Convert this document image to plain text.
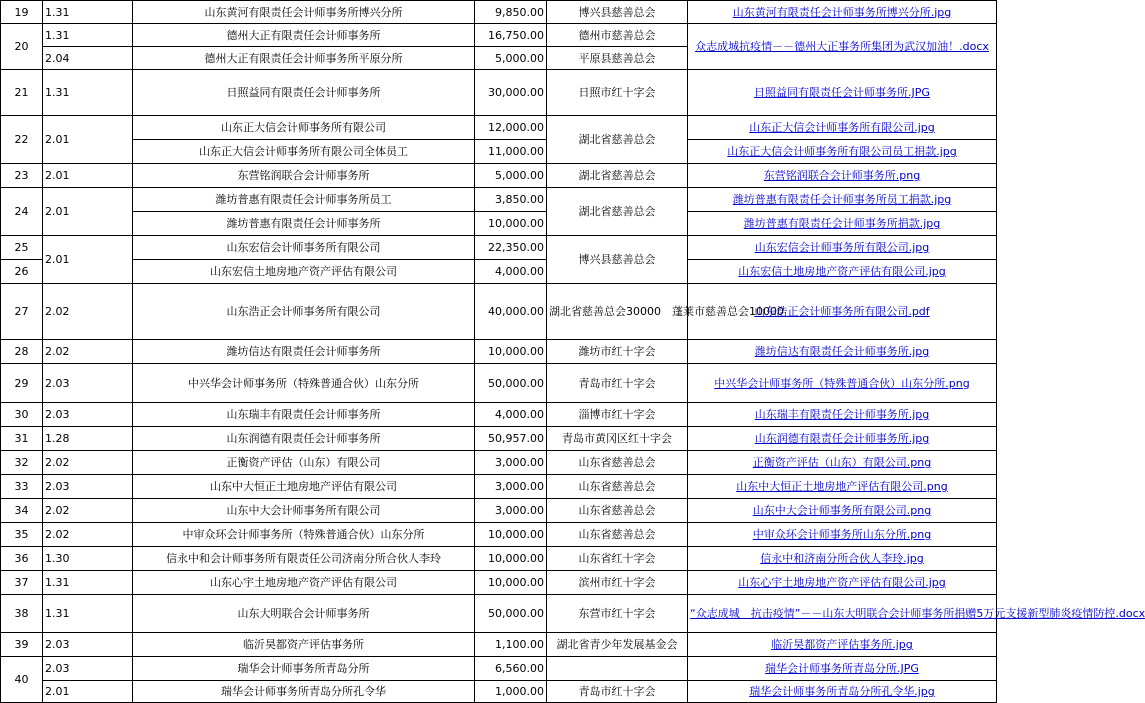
19	1.31	山东黄河有限责任会计师事务所博兴分所	9,850.00	博兴县慈善总会	山东黄河有限责任会计师事务所博兴分所.jpg
20	1.31	德州大正有限责任会计师事务所	16,750.00	德州市慈善总会	众志成城抗疫情－－德州大正事务所集团为武汉加油！.docx
	2.04	德州大正有限责任会计师事务所平原分所	5,000.00	平原县慈善总会	
21	1.31	日照益同有限责任会计师事务所	30,000.00	日照市红十字会	日照益同有限责任会计师事务所.JPG
22	2.01	山东正大信会计师事务所有限公司	12,000.00	湖北省慈善总会	山东正大信会计师事务所有限公司.jpg
		山东正大信会计师事务所有限公司全体员工	11,000.00		山东正大信会计师事务所有限公司员工捐款.jpg
23	2.01	东营铭润联合会计师事务所	5,000.00	湖北省慈善总会	东营铭润联合会计师事务所.png
24	2.01	潍坊普惠有限责任会计师事务所员工	3,850.00	湖北省慈善总会	潍坊普惠有限责任会计师事务所员工捐款.jpg
		潍坊普惠有限责任会计师事务所	10,000.00		潍坊普惠有限责任会计师事务所捐款.jpg
25	2.01	山东宏信会计师事务所有限公司	22,350.00	博兴县慈善总会	山东宏信会计师事务所有限公司.jpg
26		山东宏信土地房地产资产评估有限公司	4,000.00		山东宏信土地房地产资产评估有限公司.jpg
27	2.02	山东浩正会计师事务所有限公司	40,000.00	湖北省慈善总会30000　蓬莱市慈善总会10000	山东浩正会计师事务所有限公司.pdf
28	2.02	潍坊信达有限责任会计师事务所	10,000.00	潍坊市红十字会	潍坊信达有限责任会计师事务所.jpg
29	2.03	中兴华会计师事务所（特殊普通合伙）山东分所	50,000.00	青岛市红十字会	中兴华会计师事务所（特殊普通合伙）山东分所.png
30	2.03	山东瑞丰有限责任会计师事务所	4,000.00	淄博市红十字会	山东瑞丰有限责任会计师事务所.jpg
31	1.28	山东润德有限责任会计师事务所	50,957.00	青岛市黄冈区红十字会	山东润德有限责任会计师事务所.jpg
32	2.02	正衡资产评估（山东）有限公司	3,000.00	山东省慈善总会	正衡资产评估（山东）有限公司.png
33	2.03	山东中大恒正土地房地产评估有限公司	3,000.00	山东省慈善总会	山东中大恒正土地房地产评估有限公司.png
34	2.02	山东中大会计师事务所有限公司	3,000.00	山东省慈善总会	山东中大会计师事务所有限公司.png
35	2.02	中审众环会计师事务所（特殊普通合伙）山东分所	10,000.00	山东省慈善总会	中审众环会计师事务所山东分所.png
36	1.30	信永中和会计师事务所有限责任公司济南分所合伙人李玲	10,000.00	山东省红十字会	信永中和济南分所合伙人李玲.jpg
37	1.31	山东心宇土地房地产资产评估有限公司	10,000.00	滨州市红十字会	山东心宇土地房地产资产评估有限公司.jpg
38	1.31	山东大明联合会计师事务所	50,000.00	东营市红十字会	“众志成城　抗击疫情”－－山东大明联合会计师事务所捐赠5万元支援新型肺炎疫情防控.docx
39	2.03	临沂昊都资产评估事务所	1,100.00	湖北省青少年发展基金会	临沂昊都资产评估事务所.jpg
40	2.03	瑞华会计师事务所青岛分所	6,560.00		瑞华会计师事务所青岛分所.JPG
	2.01	瑞华会计师事务所青岛分所孔令华	1,000.00	青岛市红十字会	瑞华会计师事务所青岛分所孔令华.jpg
